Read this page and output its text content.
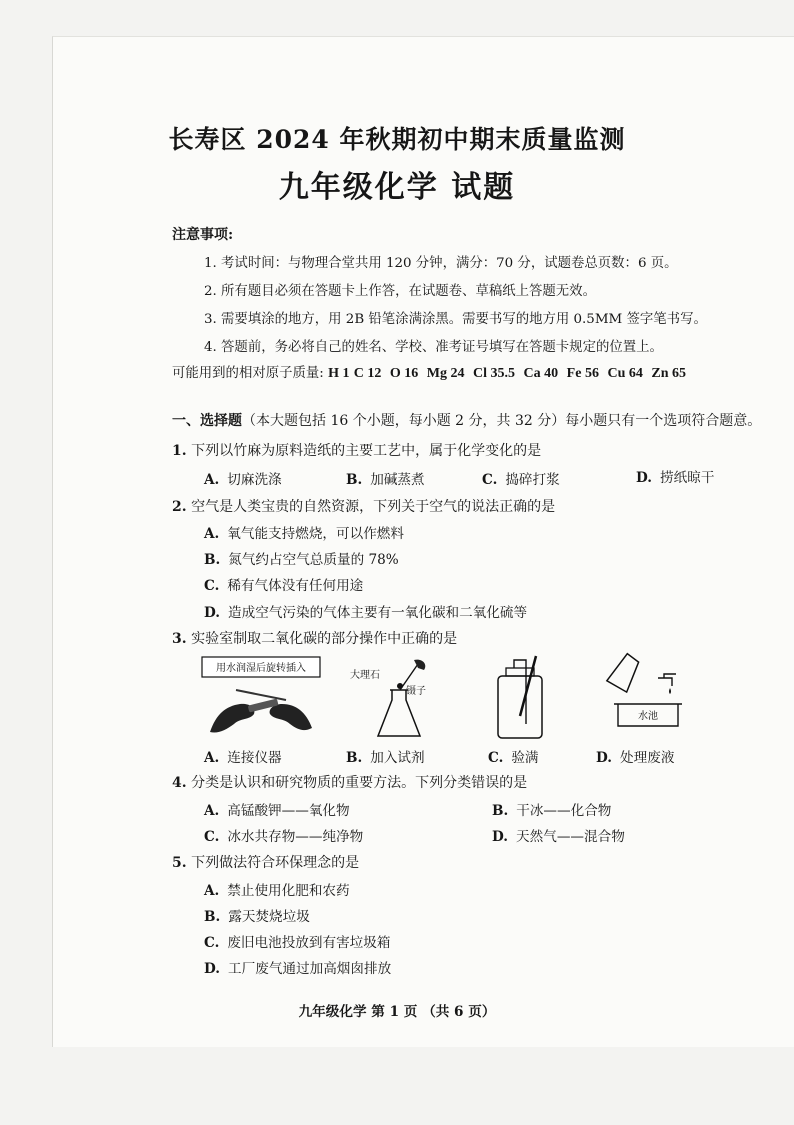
长寿区 2024 年秋期初中期末质量监测
九年级化学 试题
注意事项:
1. 考试时间：与物理合堂共用 120 分钟，满分：70 分，试题卷总页数：6 页。
2. 所有题目必须在答题卡上作答，在试题卷、草稿纸上答题无效。
3. 需要填涂的地方，用 2B 铅笔涂满涂黑。需要书写的地方用 0.5MM 签字笔书写。
4. 答题前，务必将自己的姓名、学校、准考证号填写在答题卡规定的位置上。
可能用到的相对原子质量: H 1 C 12 O 16 Mg 24 Cl 35.5 Ca 40 Fe 56 Cu 64 Zn 65
一、选择题（本大题包括 16 个小题，每小题 2 分，共 32 分）每小题只有一个选项符合题意。
1. 下列以竹麻为原料造纸的主要工艺中，属于化学变化的是
A. 切麻洗涤	B. 加碱蒸煮	C. 捣碎打浆	D. 捞纸晾干
2. 空气是人类宝贵的自然资源，下列关于空气的说法正确的是
A. 氧气能支持燃烧，可以作燃料
B. 氮气约占空气总质量的 78%
C. 稀有气体没有任何用途
D. 造成空气污染的气体主要有一氧化碳和二氧化硫等
3. 实验室制取二氧化碳的部分操作中正确的是
用水润湿后旋转插入
大理石
镊子
水池
A. 连接仪器	B. 加入试剂	C. 验满	D. 处理废液
4. 分类是认识和研究物质的重要方法。下列分类错误的是
A. 高锰酸钾——氧化物	B. 干冰——化合物
C. 冰水共存物——纯净物	D. 天然气——混合物
5. 下列做法符合环保理念的是
A. 禁止使用化肥和农药
B. 露天焚烧垃圾
C. 废旧电池投放到有害垃圾箱
D. 工厂废气通过加高烟囱排放
九年级化学 第 1 页 （共 6 页）
